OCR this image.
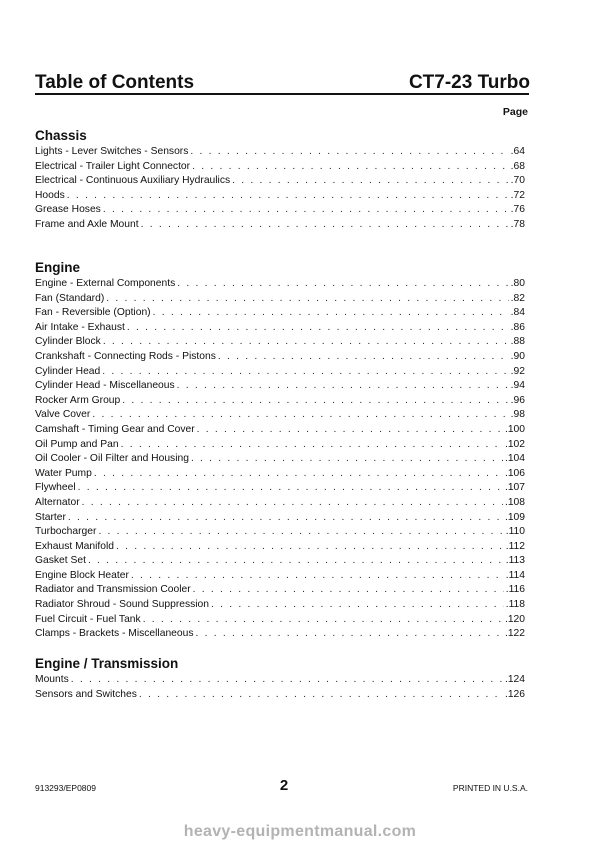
Table of Contents	CT7-23 Turbo
Page
Chassis
Lights - Lever Switches - Sensors . . .	.64
Electrical - Trailer Light Connector . . .	.68
Electrical - Continuous Auxiliary Hydraulics . . .	.70
Hoods . . .	.72
Grease Hoses . . .	.76
Frame and Axle Mount . . .	.78
Engine
Engine - External Components . . .	.80
Fan (Standard) . . .	.82
Fan - Reversible (Option) . . .	.84
Air Intake - Exhaust . . .	.86
Cylinder Block . . .	.88
Crankshaft - Connecting Rods - Pistons . . .	.90
Cylinder Head . . .	.92
Cylinder Head - Miscellaneous . . .	.94
Rocker Arm Group . . .	.96
Valve Cover . . .	.98
Camshaft - Timing Gear and Cover . . .	.100
Oil Pump and Pan . . .	.102
Oil Cooler - Oil Filter and Housing . . .	.104
Water Pump . . .	.106
Flywheel . . .	.107
Alternator . . .	.108
Starter . . .	.109
Turbocharger . . .	.110
Exhaust Manifold . . .	.112
Gasket Set . . .	.113
Engine Block Heater . . .	.114
Radiator and Transmission Cooler . . .	.116
Radiator Shroud - Sound Suppression . . .	.118
Fuel Circuit - Fuel Tank . . .	.120
Clamps - Brackets - Miscellaneous . . .	.122
Engine / Transmission
Mounts . . .	.124
Sensors and Switches . . .	.126
913293/EP0809	2	PRINTED IN U.S.A.
heavy-equipmentmanual.com
